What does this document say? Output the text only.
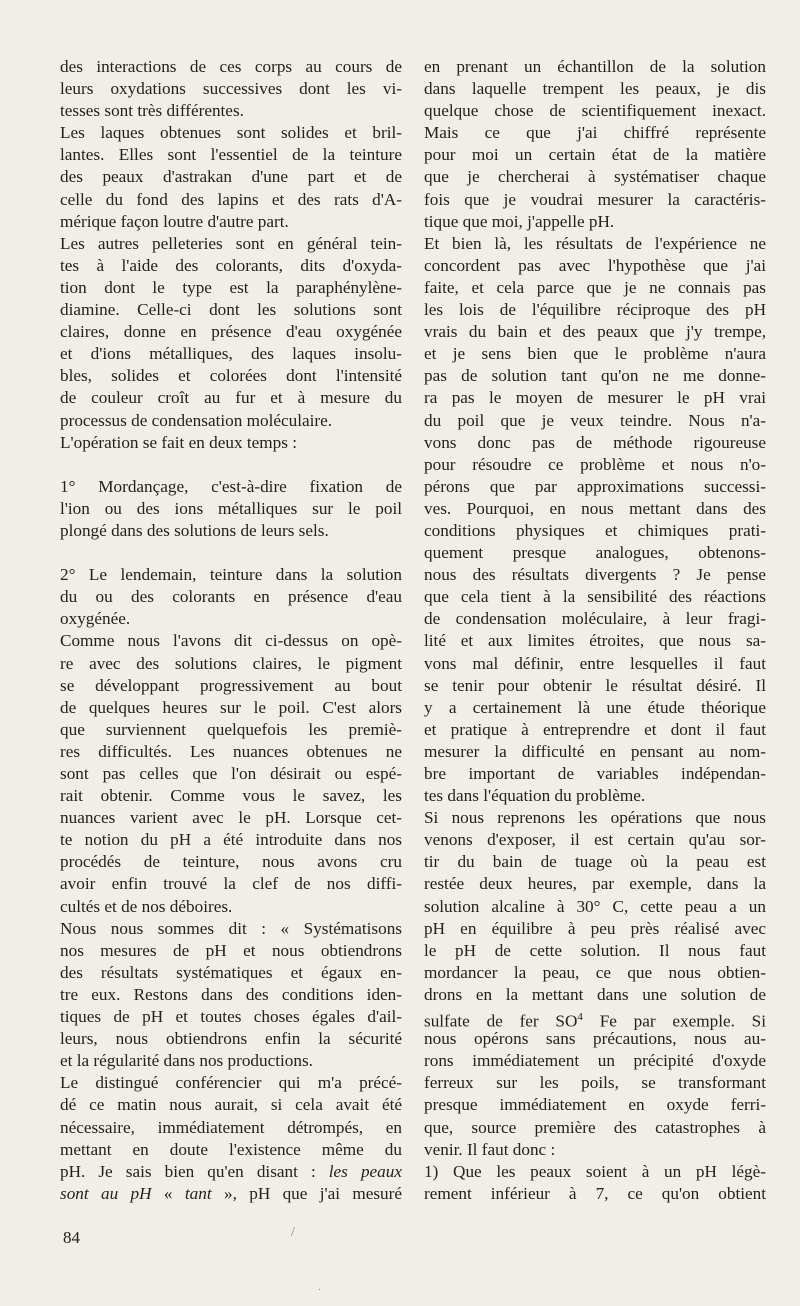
des interactions de ces corps au cours de
leurs oxydations successives dont les vi-
tesses sont très différentes.
Les laques obtenues sont solides et bril-
lantes. Elles sont l'essentiel de la teinture
des peaux d'astrakan d'une part et de
celle du fond des lapins et des rats d'A-
mérique façon loutre d'autre part.
Les autres pelleteries sont en général tein-
tes à l'aide des colorants, dits d'oxyda-
tion dont le type est la paraphénylène-
diamine. Celle-ci dont les solutions sont
claires, donne en présence d'eau oxygénée
et d'ions métalliques, des laques insolu-
bles, solides et colorées dont l'intensité
de couleur croît au fur et à mesure du
processus de condensation moléculaire.
L'opération se fait en deux temps :
1° Mordançage, c'est-à-dire fixation de
l'ion ou des ions métalliques sur le poil
plongé dans des solutions de leurs sels.
2° Le lendemain, teinture dans la solution
du ou des colorants en présence d'eau
oxygénée.
Comme nous l'avons dit ci-dessus on opè-
re avec des solutions claires, le pigment
se développant progressivement au bout
de quelques heures sur le poil. C'est alors
que surviennent quelquefois les premiè-
res difficultés. Les nuances obtenues ne
sont pas celles que l'on désirait ou espé-
rait obtenir. Comme vous le savez, les
nuances varient avec le pH. Lorsque cet-
te notion du pH a été introduite dans nos
procédés de teinture, nous avons cru
avoir enfin trouvé la clef de nos diffi-
cultés et de nos déboires.
Nous nous sommes dit : « Systématisons
nos mesures de pH et nous obtiendrons
des résultats systématiques et égaux en-
tre eux. Restons dans des conditions iden-
tiques de pH et toutes choses égales d'ail-
leurs, nous obtiendrons enfin la sécurité
et la régularité dans nos productions.
Le distingué conférencier qui m'a précé-
dé ce matin nous aurait, si cela avait été
nécessaire, immédiatement détrompés, en
mettant en doute l'existence même du
pH. Je sais bien qu'en disant : les peaux
sont au pH « tant », pH que j'ai mesuré
en prenant un échantillon de la solution
dans laquelle trempent les peaux, je dis
quelque chose de scientifiquement inexact.
Mais ce que j'ai chiffré représente
pour moi un certain état de la matière
que je chercherai à systématiser chaque
fois que je voudrai mesurer la caractéris-
tique que moi, j'appelle pH.
Et bien là, les résultats de l'expérience ne
concordent pas avec l'hypothèse que j'ai
faite, et cela parce que je ne connais pas
les lois de l'équilibre réciproque des pH
vrais du bain et des peaux que j'y trempe,
et je sens bien que le problème n'aura
pas de solution tant qu'on ne me donne-
ra pas le moyen de mesurer le pH vrai
du poil que je veux teindre. Nous n'a-
vons donc pas de méthode rigoureuse
pour résoudre ce problème et nous n'o-
pérons que par approximations successi-
ves. Pourquoi, en nous mettant dans des
conditions physiques et chimiques prati-
quement presque analogues, obtenons-
nous des résultats divergents ? Je pense
que cela tient à la sensibilité des réactions
de condensation moléculaire, à leur fragi-
lité et aux limites étroites, que nous sa-
vons mal définir, entre lesquelles il faut
se tenir pour obtenir le résultat désiré. Il
y a certainement là une étude théorique
et pratique à entreprendre et dont il faut
mesurer la difficulté en pensant au nom-
bre important de variables indépendan-
tes dans l'équation du problème.
Si nous reprenons les opérations que nous
venons d'exposer, il est certain qu'au sor-
tir du bain de tuage où la peau est
restée deux heures, par exemple, dans la
solution alcaline à 30° C, cette peau a un
pH en équilibre à peu près réalisé avec
le pH de cette solution. Il nous faut
mordancer la peau, ce que nous obtien-
drons en la mettant dans une solution de
sulfate de fer $SO^4$ Fe par exemple. Si
nous opérons sans précautions, nous au-
rons immédiatement un précipité d'oxyde
ferreux sur les poils, se transformant
presque immédiatement en oxyde ferri-
que, source première des catastrophes à
venir. Il faut donc :
1) Que les peaux soient à un pH légè-
rement inférieur à 7, ce qu'on obtient
84	/
·
